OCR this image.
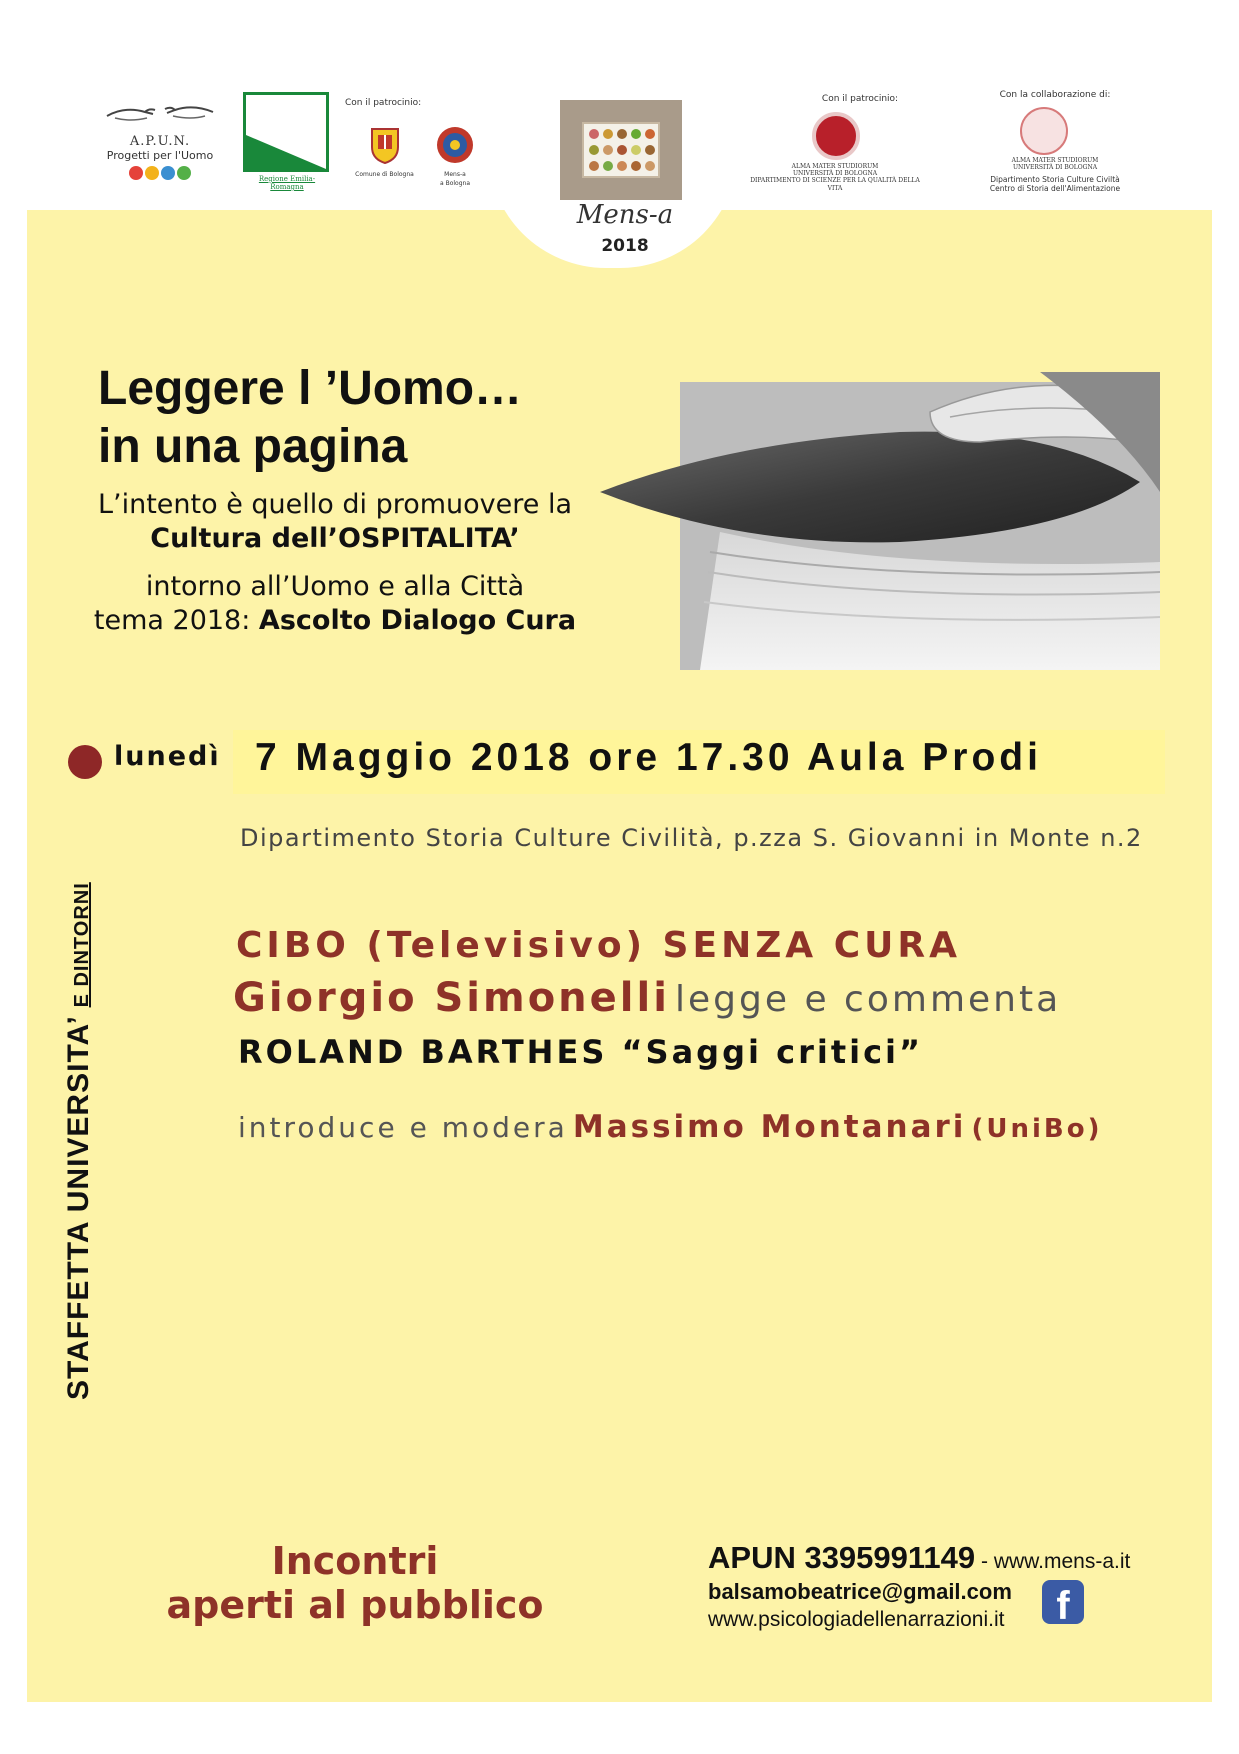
A.P.U.N.
Progetti per l'Uomo
Regione Emilia-Romagna
Con il patrocinio:
Comune di Bologna	Mens-a
a Bologna
Mens-a
2018
Con il patrocinio:
ALMA MATER STUDIORUM
UNIVERSITÀ DI BOLOGNA
DIPARTIMENTO DI SCIENZE PER LA QUALITÀ DELLA VITA
Con la collaborazione di:
ALMA MATER STUDIORUM
UNIVERSITÀ DI BOLOGNA
Dipartimento Storia Culture Civiltà
Centro di Storia dell'Alimentazione
Leggere l ’Uomo…
in una pagina
L’intento è quello di promuovere la
Cultura dell’OSPITALITA’
intorno all’Uomo e alla Città
tema 2018: Ascolto Dialogo Cura
lunedì 7 Maggio 2018 ore 17.30 Aula Prodi
Dipartimento Storia Culture Civilità, p.zza S. Giovanni in Monte n.2
STAFFETTA UNIVERSITA’ E DINTORNI	CIBO (Televisivo) SENZA CURA
Giorgio Simonelli legge e commenta
ROLAND BARTHES “Saggi critici”
introduce e modera Massimo Montanari (UniBo)
Incontri
aperti al pubblico
APUN 3395991149 - www.mens-a.it
balsamobeatrice@gmail.com
www.psicologiadellenarrazioni.it	f
